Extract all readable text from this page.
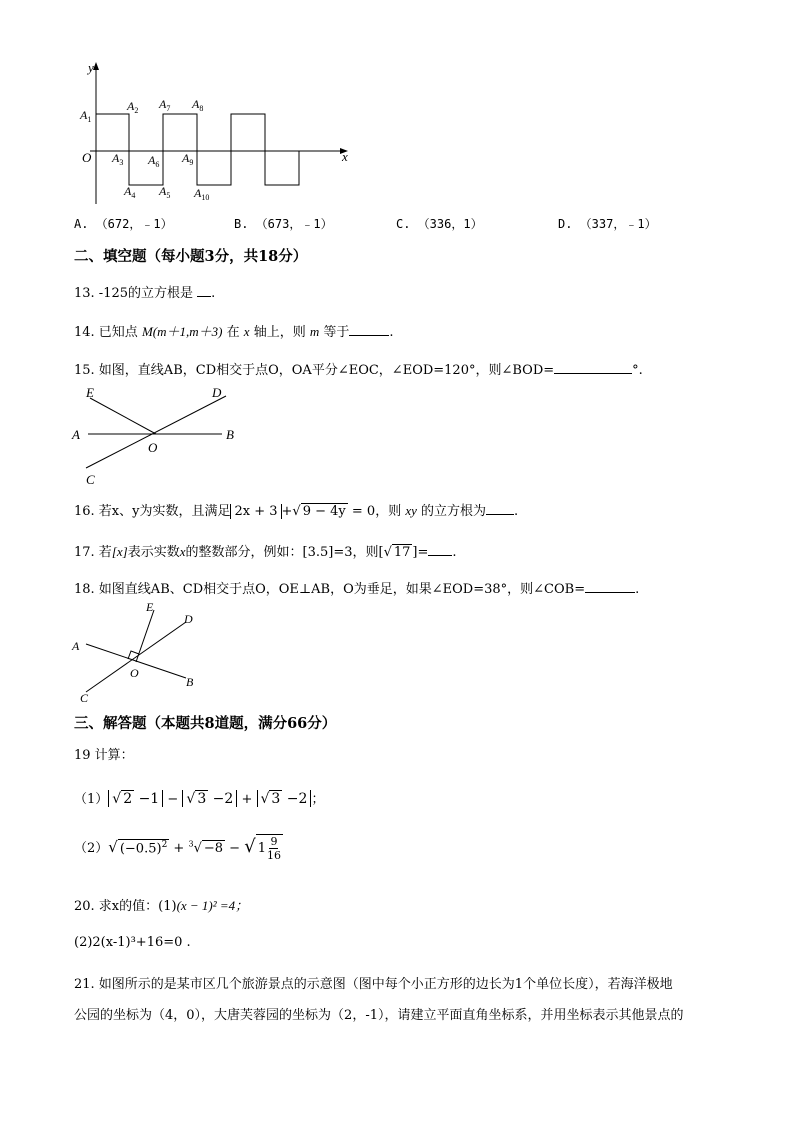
y
x
O
$A_1$
$A_2$
$A_3$
$A_4$ $A_5$
$A_6$
$A_7$ $A_8$
$A_9$
$A_{10}$
A. （672，﹣1）	B. （673，﹣1）	C. （336，1）	D. （337，﹣1）
二、填空题（每小题3分，共18分）
13. -125的立方根是 .
14. 已知点 M(m＋1,m＋3) 在 x 轴上，则 m 等于	.
15. 如图，直线AB，CD相交于点O，OA平分∠EOC，∠EOD=120°，则∠BOD=	°.
E	D
A	B
O
C
16. 若x、y为实数，且满足 2x + 3 +√ 9 − 4y = 0，则 xy 的立方根为 .
17. 若[x]表示实数x的整数部分，例如：[3.5]=3，则[√ 17 ]= .
18. 如图直线AB、CD相交于点O，OE⊥AB，O为垂足，如果∠EOD=38°，则∠COB=	.
E
D
A
O
B
C
三、解答题（本题共8道题，满分66分）
19 计算：
（1） √ 2 −1 − √ 3 −2 + √ 3 −2 ；
（2）√ $(-0.5)^2 + ^3√ -8$ − √ 1 9
16
20. 求x的值：(1)(x − 1)² =4；
(2)2(x-1)³+16=0 .
21. 如图所示的是某市区几个旅游景点的示意图（图中每个小正方形的边长为1个单位长度），若海洋极地
公园的坐标为（4，0），大唐芙蓉园的坐标为（2，-1），请建立平面直角坐标系，并用坐标表示其他景点的
